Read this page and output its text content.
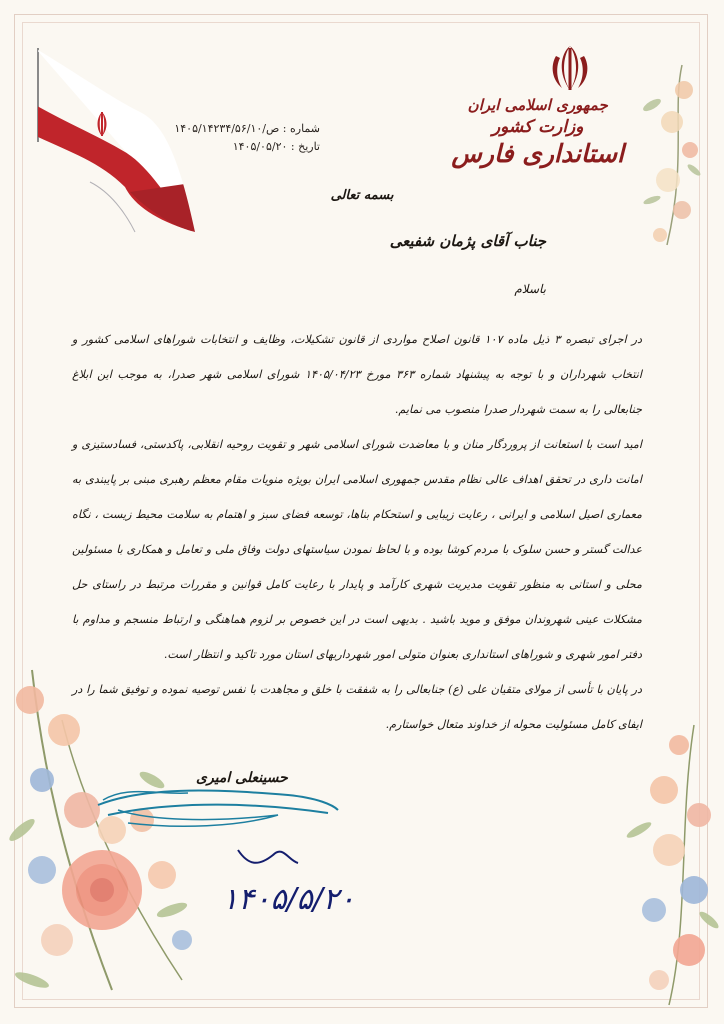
جمهوری اسلامی ایران
وزارت کشور
استانداری فارس
شماره : ص/۱۴۰۵/۱۴۲۳۴/۵۶/۱۰
تاریخ : ۱۴۰۵/۰۵/۲۰
بسمه تعالی
جناب آقای پژمان شفیعی
باسلام

در اجرای تبصره ۳ ذیل ماده ۱۰۷ قانون اصلاح مواردی از قانون تشکیلات، وظایف و انتخابات شوراهای اسلامی کشور و انتخاب شهرداران و با توجه به پیشنهاد شماره ۳۶۳ مورخ ۱۴۰۵/۰۴/۲۳ شورای اسلامی شهر صدرا، به موجب این ابلاغ جنابعالی را به سمت شهردار صدرا منصوب می نمایم.

امید است با استعانت از پروردگار منان و با معاضدت شورای اسلامی شهر و تقویت روحیه انقلابی، پاکدستی، فسادستیزی و امانت داری در تحقق اهداف عالی نظام مقدس جمهوری اسلامی ایران بویژه منویات مقام معظم رهبری مبنی بر پایبندی به معماری اصیل اسلامی و ایرانی ، رعایت زیبایی و استحکام بناها، توسعه فضای سبز و اهتمام به سلامت محیط زیست ، نگاه عدالت گستر و حسن سلوک با مردم کوشا بوده و با لحاظ نمودن سیاستهای دولت وفاق ملی و تعامل و همکاری با مسئولین محلی و استانی به منظور تقویت مدیریت شهری کارآمد و پایدار با رعایت کامل قوانین و مقررات مرتبط در راستای حل مشکلات عینی شهروندان موفق و موید باشید . بدیهی است در این خصوص بر لزوم هماهنگی و ارتباط منسجم و مداوم با دفتر امور شهری و شوراهای استانداری بعنوان متولی امور شهرداریهای استان مورد تاکید و انتظار است.

در پایان با تأسی از مولای متقیان علی (ع) جنابعالی را به شفقت با خلق و مجاهدت با نفس توصیه نموده و توفیق شما را در ایفای کامل مسئولیت محوله از خداوند متعال خواستارم.

حسینعلی امیری
۱۴۰۵/۵/۲۰
